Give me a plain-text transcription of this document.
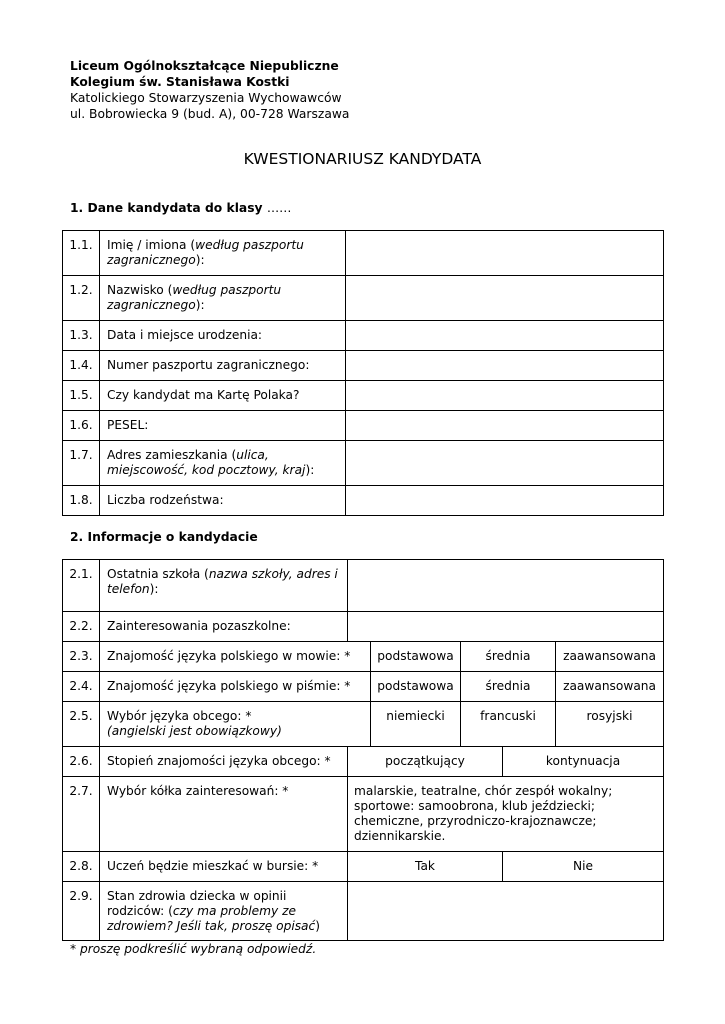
Liceum Ogólnokształcące Niepubliczne
Kolegium św. Stanisława Kostki
Katolickiego Stowarzyszenia Wychowawców
ul. Bobrowiecka 9 (bud. A), 00-728 Warszawa
KWESTIONARIUSZ KANDYDATA
1. Dane kandydata do klasy ……
1.1.	Imię / imiona (według paszportu zagranicznego):	
1.2.	Nazwisko (według paszportu zagranicznego):	
1.3.	Data i miejsce urodzenia:	
1.4.	Numer paszportu zagranicznego:	
1.5.	Czy kandydat ma Kartę Polaka?	
1.6.	PESEL:	
1.7.	Adres zamieszkania (ulica, miejscowość, kod pocztowy, kraj):	
1.8.	Liczba rodzeństwa:	
2. Informacje o kandydacie
2.1.	Ostatnia szkoła (nazwa szkoły, adres i telefon):					
2.2.	Zainteresowania pozaszkolne:					
2.3.	Znajomość języka polskiego w mowie: *		podstawowa	średnia		zaawansowana
2.4.	Znajomość języka polskiego w piśmie: *		podstawowa	średnia		zaawansowana
2.5.	Wybór języka obcego: *
(angielski jest obowiązkowy)		niemiecki	francuski		rosyjski
2.6.	Stopień znajomości języka obcego: *	początkujący			kontynuacja	
2.7.	Wybór kółka zainteresowań: *	malarskie, teatralne, chór zespół wokalny; sportowe: samoobrona, klub jeździecki; chemiczne, przyrodniczo-krajoznawcze; dziennikarskie.				
2.8.	Uczeń będzie mieszkać w bursie: *	Tak			Nie	
2.9.	Stan zdrowia dziecka w opinii rodziców: (czy ma problemy ze zdrowiem? Jeśli tak, proszę opisać)					
* proszę podkreślić wybraną odpowiedź.
